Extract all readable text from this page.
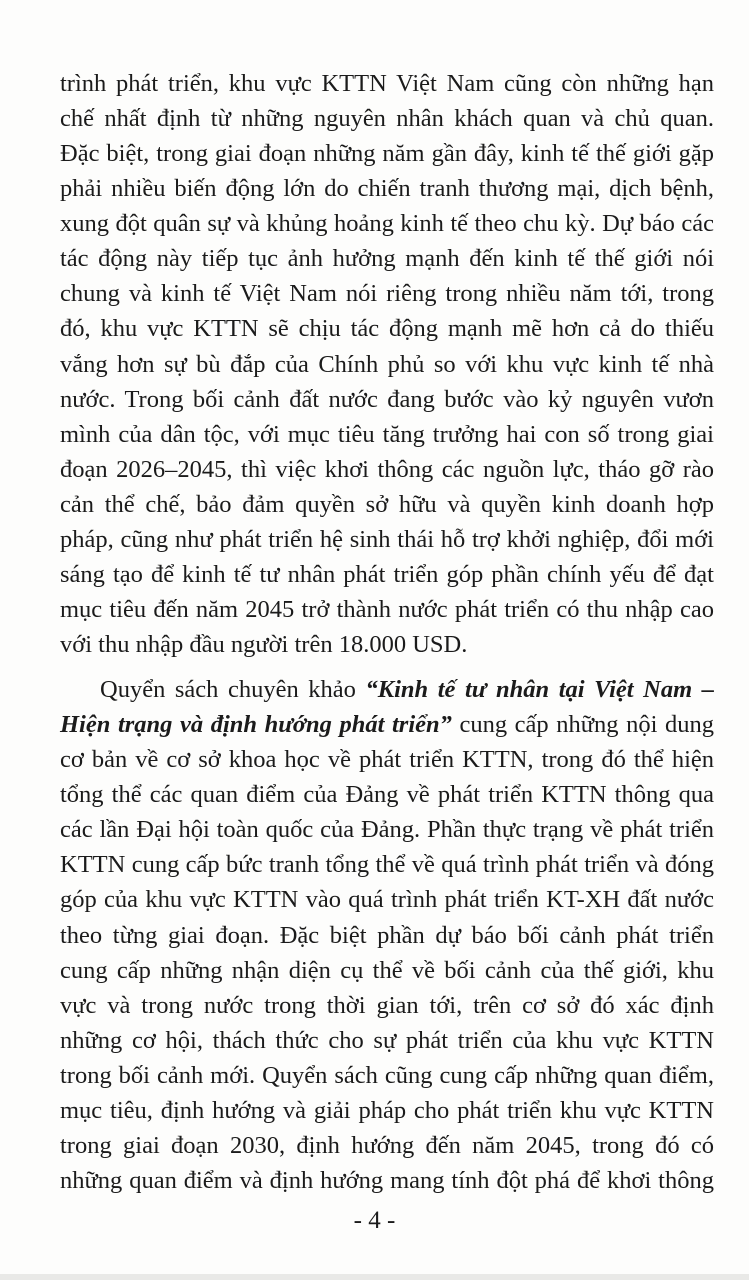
trình phát triển, khu vực KTTN Việt Nam cũng còn những hạn
chế nhất định từ những nguyên nhân khách quan và chủ quan.
Đặc biệt, trong giai đoạn những năm gần đây, kinh tế thế giới gặp
phải nhiều biến động lớn do chiến tranh thương mại, dịch bệnh,
xung đột quân sự và khủng hoảng kinh tế theo chu kỳ. Dự báo các
tác động này tiếp tục ảnh hưởng mạnh đến kinh tế thế giới nói
chung và kinh tế Việt Nam nói riêng trong nhiều năm tới, trong
đó, khu vực KTTN sẽ chịu tác động mạnh mẽ hơn cả do thiếu
vắng hơn sự bù đắp của Chính phủ so với khu vực kinh tế nhà
nước. Trong bối cảnh đất nước đang bước vào kỷ nguyên vươn
mình của dân tộc, với mục tiêu tăng trưởng hai con số trong giai
đoạn 2026–2045, thì việc khơi thông các nguồn lực, tháo gỡ rào
cản thể chế, bảo đảm quyền sở hữu và quyền kinh doanh hợp
pháp, cũng như phát triển hệ sinh thái hỗ trợ khởi nghiệp, đổi mới
sáng tạo để kinh tế tư nhân phát triển góp phần chính yếu để đạt
mục tiêu đến năm 2045 trở thành nước phát triển có thu nhập cao
với thu nhập đầu người trên 18.000 USD.
Quyển sách chuyên khảo “Kinh tế tư nhân tại Việt Nam –
Hiện trạng và định hướng phát triển” cung cấp những nội dung
cơ bản về cơ sở khoa học về phát triển KTTN, trong đó thể hiện
tổng thể các quan điểm của Đảng về phát triển KTTN thông qua
các lần Đại hội toàn quốc của Đảng. Phần thực trạng về phát triển
KTTN cung cấp bức tranh tổng thể về quá trình phát triển và đóng
góp của khu vực KTTN vào quá trình phát triển KT-XH đất nước
theo từng giai đoạn. Đặc biệt phần dự báo bối cảnh phát triển
cung cấp những nhận diện cụ thể về bối cảnh của thế giới, khu
vực và trong nước trong thời gian tới, trên cơ sở đó xác định
những cơ hội, thách thức cho sự phát triển của khu vực KTTN
trong bối cảnh mới. Quyển sách cũng cung cấp những quan điểm,
mục tiêu, định hướng và giải pháp cho phát triển khu vực KTTN
trong giai đoạn 2030, định hướng đến năm 2045, trong đó có
những quan điểm và định hướng mang tính đột phá để khơi thông
- 4 -
